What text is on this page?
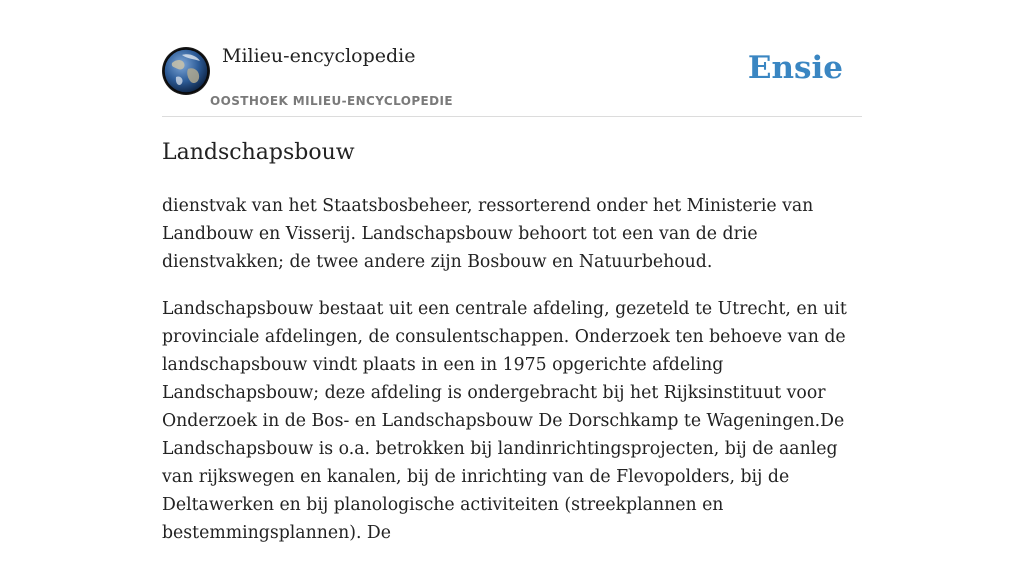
Milieu-encyclopedie
OOSTHOEK MILIEU-ENCYCLOPEDIE
Ensie
Landschapsbouw

dienstvak van het Staatsbosbeheer, ressorterend onder het Ministerie van Landbouw en Visserij. Landschapsbouw behoort tot een van de drie dienstvakken; de twee andere zijn Bosbouw en Natuurbehoud.

Landschapsbouw bestaat uit een centrale afdeling, gezeteld te Utrecht, en uit provinciale afdelingen, de consulentschappen. Onderzoek ten behoeve van de landschapsbouw vindt plaats in een in 1975 opgerichte afdeling Landschapsbouw; deze afdeling is ondergebracht bij het Rijksinstituut voor Onderzoek in de Bos- en Landschapsbouw De Dorschkamp te Wageningen.De Landschapsbouw is o.a. betrokken bij landinrichtingsprojecten, bij de aanleg van rijkswegen en kanalen, bij de inrichting van de Flevopolders, bij de Deltawerken en bij planologische activiteiten (streekplannen en bestemmingsplannen). De
